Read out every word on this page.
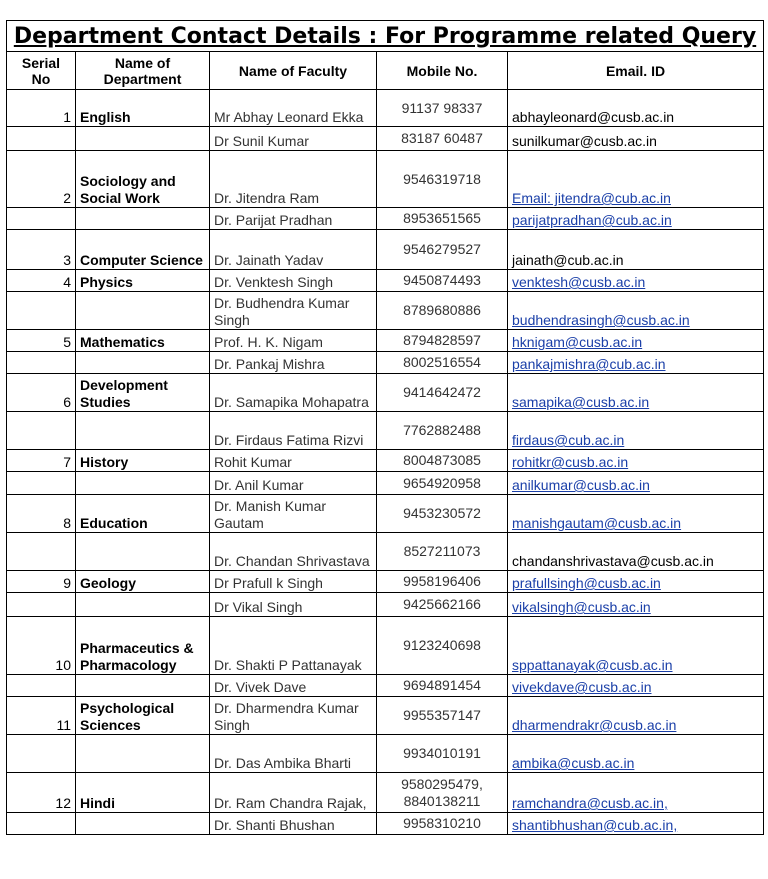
Department Contact Details : For Programme related Query				
Serial No	Name of Department	Name of Faculty	Mobile No.	Email. ID
1	English	Mr Abhay Leonard Ekka	91137 98337	abhayleonard@cusb.ac.in
		Dr Sunil Kumar	83187 60487	sunilkumar@cusb.ac.in
2	Sociology and Social Work	Dr. Jitendra Ram	9546319718	Email: jitendra@cub.ac.in
		Dr. Parijat Pradhan	8953651565	parijatpradhan@cub.ac.in
3	Computer Science	Dr. Jainath Yadav	9546279527	jainath@cub.ac.in
4	Physics	Dr. Venktesh Singh	9450874493	venktesh@cusb.ac.in
		Dr. Budhendra Kumar Singh	8789680886	budhendrasingh@cusb.ac.in
5	Mathematics	Prof. H. K. Nigam	8794828597	hknigam@cusb.ac.in
		Dr. Pankaj Mishra	8002516554	pankajmishra@cub.ac.in
6	Development Studies	Dr. Samapika Mohapatra	9414642472	samapika@cusb.ac.in
		Dr. Firdaus Fatima Rizvi	7762882488	firdaus@cub.ac.in
7	History	Rohit Kumar	8004873085	rohitkr@cusb.ac.in
		Dr. Anil Kumar	9654920958	anilkumar@cusb.ac.in
8	Education	Dr. Manish Kumar Gautam	9453230572	manishgautam@cusb.ac.in
		Dr. Chandan Shrivastava	8527211073	chandanshrivastava@cusb.ac.in
9	Geology	Dr Prafull k Singh	9958196406	prafullsingh@cusb.ac.in
		Dr Vikal Singh	9425662166	vikalsingh@cusb.ac.in
10	Pharmaceutics & Pharmacology	Dr. Shakti P Pattanayak	9123240698	sppattanayak@cusb.ac.in
		Dr. Vivek Dave	9694891454	vivekdave@cusb.ac.in
11	Psychological Sciences	Dr. Dharmendra Kumar Singh	9955357147	dharmendrakr@cusb.ac.in
		Dr. Das Ambika Bharti	9934010191	ambika@cusb.ac.in
12	Hindi	Dr. Ram Chandra Rajak,	9580295479, 8840138211	ramchandra@cusb.ac.in,
		Dr. Shanti Bhushan	9958310210	shantibhushan@cub.ac.in,
